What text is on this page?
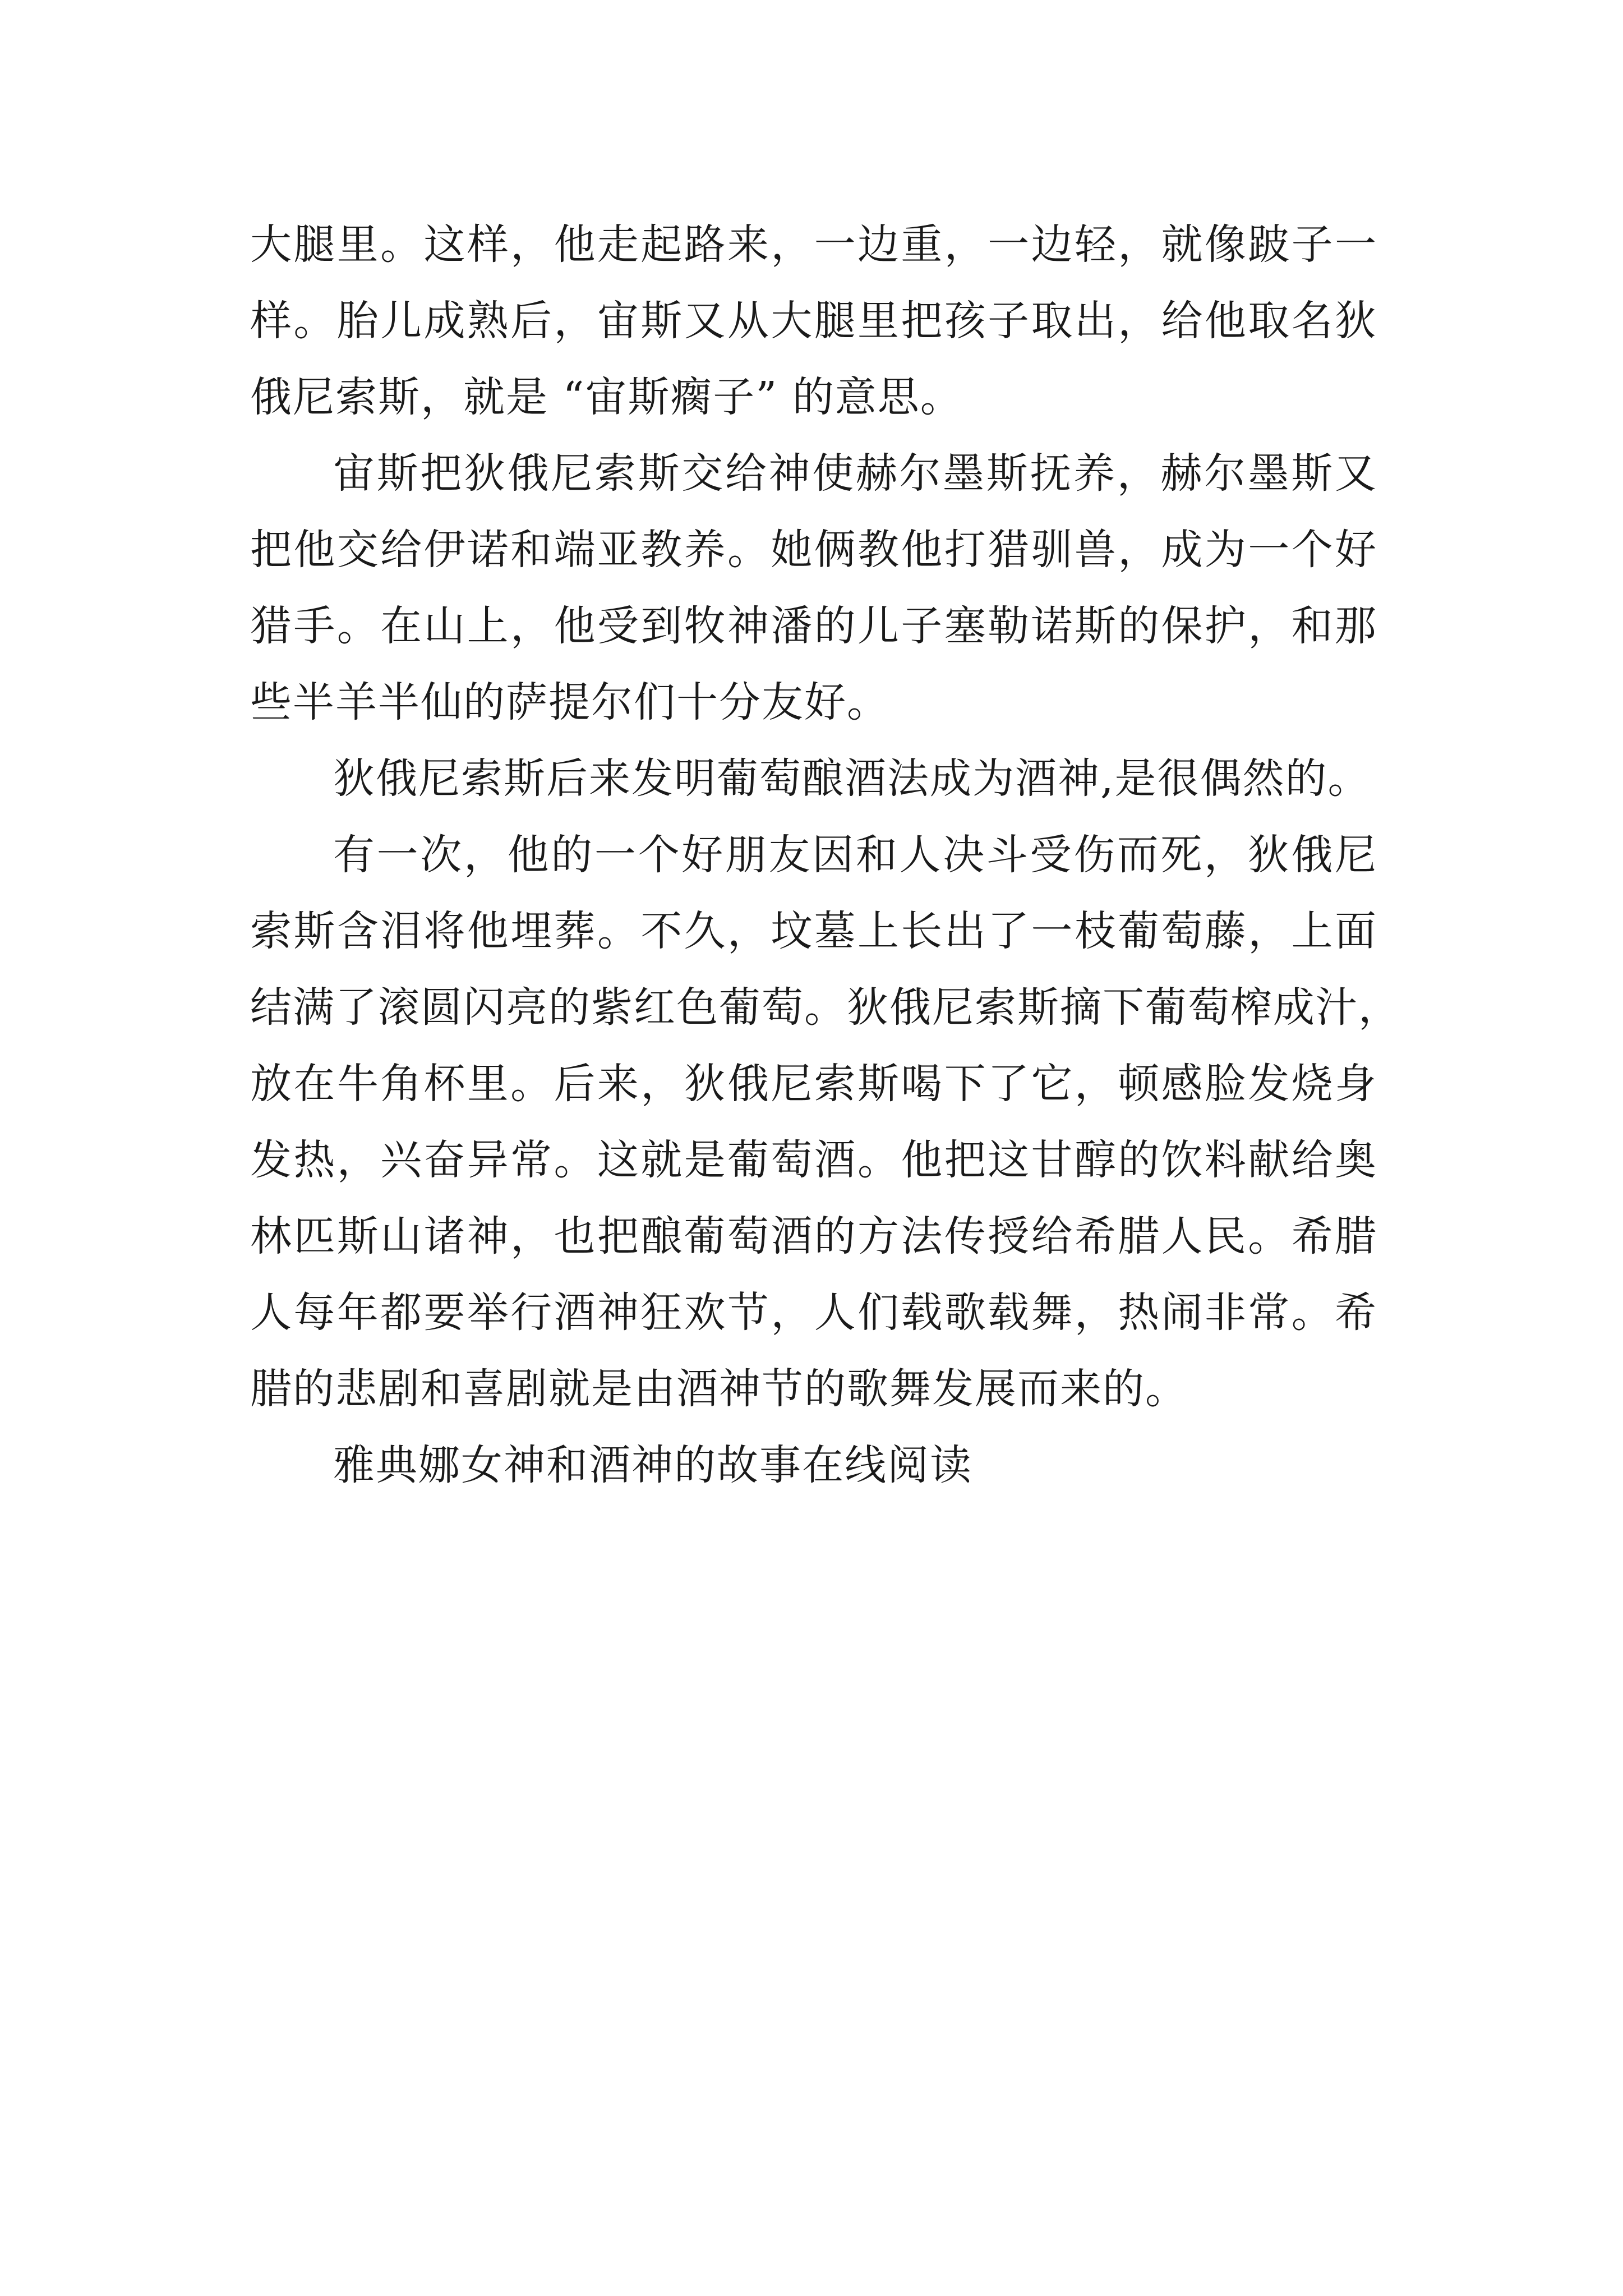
大腿里。这样，他走起路来，一边重，一边轻，就像跛子一
样。胎儿成熟后，宙斯又从大腿里把孩子取出，给他取名狄
俄尼索斯，就是 “宙斯瘸子” 的意思。

宙斯把狄俄尼索斯交给神使赫尔墨斯抚养，赫尔墨斯又
把他交给伊诺和端亚教养。她俩教他打猎驯兽，成为一个好
猎手。在山上，他受到牧神潘的儿子塞勒诺斯的保护，和那
些半羊半仙的萨提尔们十分友好。

狄俄尼索斯后来发明葡萄酿酒法成为酒神,是很偶然的。

有一次，他的一个好朋友因和人决斗受伤而死，狄俄尼
索斯含泪将他埋葬。不久，坟墓上长出了一枝葡萄藤，上面
结满了滚圆闪亮的紫红色葡萄。狄俄尼索斯摘下葡萄榨成汁，
放在牛角杯里。后来，狄俄尼索斯喝下了它，顿感脸发烧身
发热，兴奋异常。这就是葡萄酒。他把这甘醇的饮料献给奥
林匹斯山诸神，也把酿葡萄酒的方法传授给希腊人民。希腊
人每年都要举行酒神狂欢节，人们载歌载舞，热闹非常。希
腊的悲剧和喜剧就是由酒神节的歌舞发展而来的。

雅典娜女神和酒神的故事在线阅读
